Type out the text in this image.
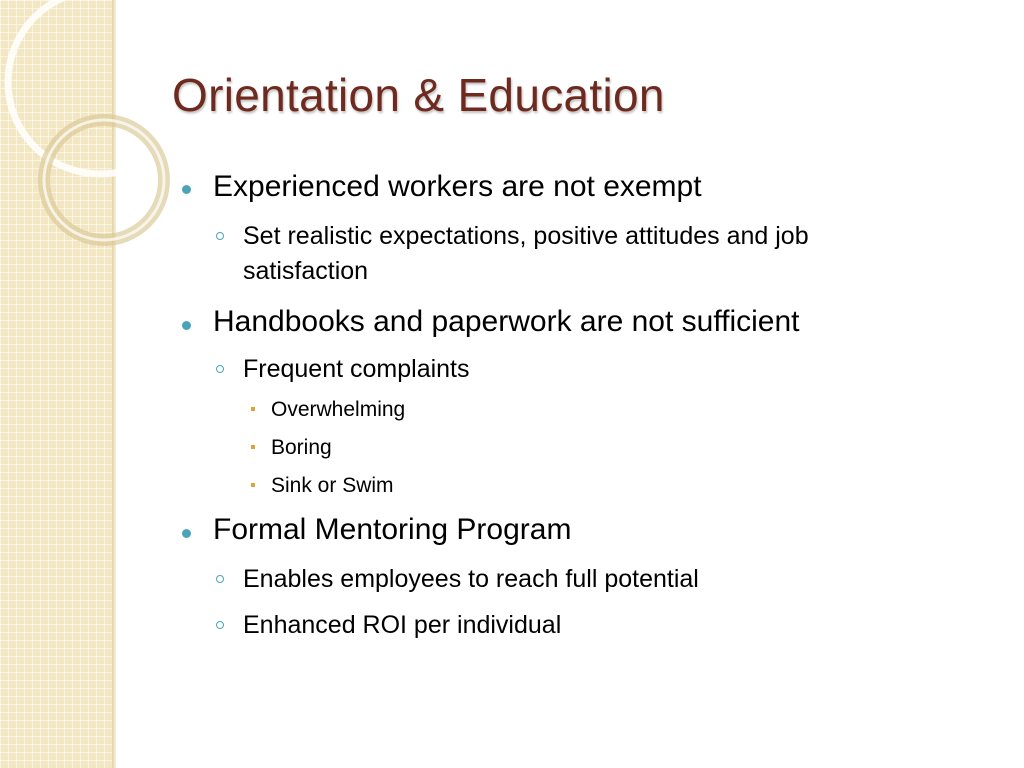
Orientation & Education
Experienced workers are not exempt
Set realistic expectations, positive attitudes and job
satisfaction
Handbooks and paperwork are not sufficient
Frequent complaints
Overwhelming
Boring
Sink or Swim
Formal Mentoring Program
Enables employees to reach full potential
Enhanced ROI per individual
